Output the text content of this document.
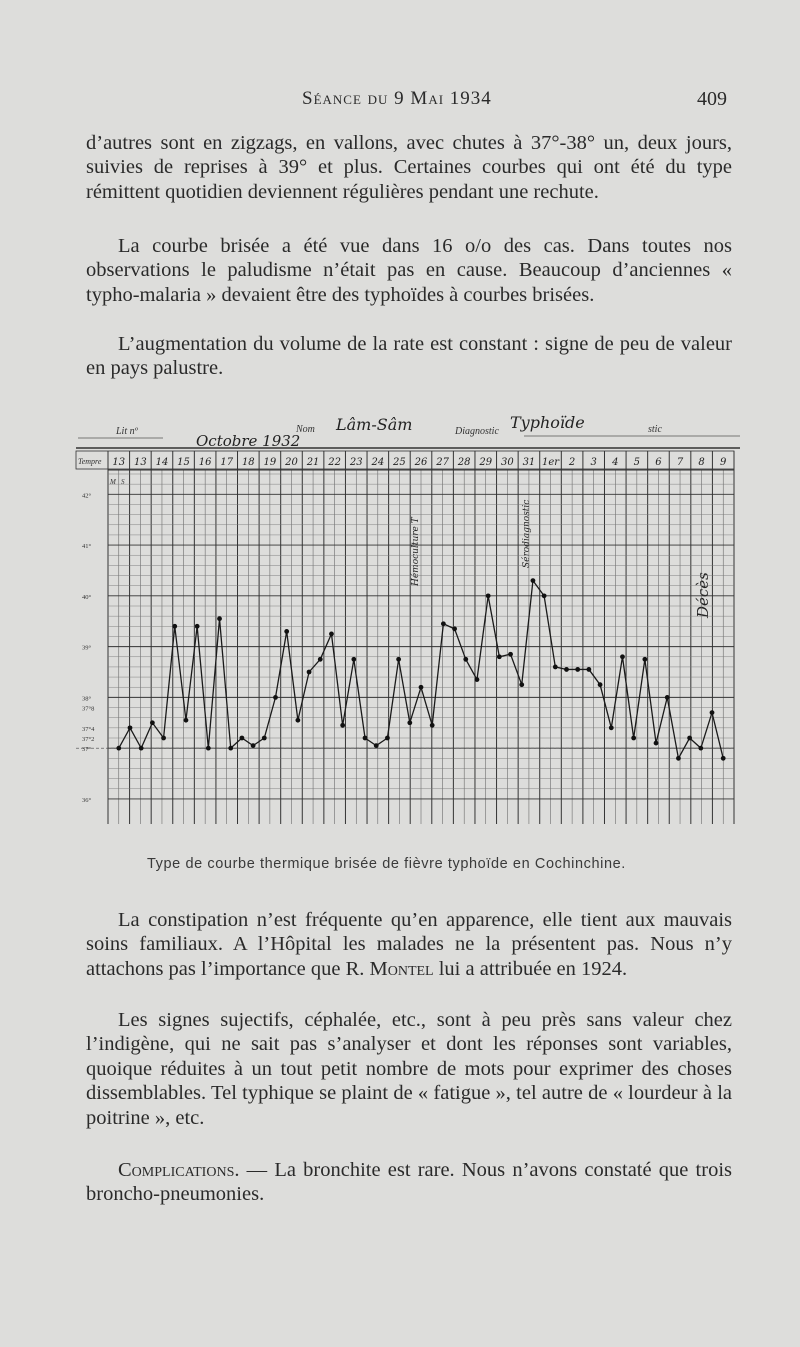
Séance du 9 Mai 1934	409

d’autres sont en zigzags, en vallons, avec chutes à 37°-38° un, deux jours, suivies de reprises à 39° et plus. Certaines courbes qui ont été du type rémittent quotidien deviennent régulières pendant une rechute.

La courbe brisée a été vue dans 16 o/o des cas. Dans toutes nos observations le paludisme n’était pas en cause. Beaucoup d’anciennes « typho-malaria » devaient être des typhoïdes à courbes brisées.

L’augmentation du volume de la rate est constant : signe de peu de valeur en pays palustre.

Lit nº
Octobre 1932
Nom Lâm-Sâm	Diagnostic Typhoïde	stic
Tempre
M S
Hémoculture T	Sérodiagnostic
Décès
13 13 14 15 16 17 18 19 20 21 22 23 24 25 26 27 28 29 30 31 1er 2 3 4 5 6 7 8 9
42°
41°
40°
39°
38°
37°8
37°4
37°2
37°
36°
Type de courbe thermique brisée de fièvre typhoïde en Cochinchine.

La constipation n’est fréquente qu’en apparence, elle tient aux mauvais soins familiaux. A l’Hôpital les malades ne la présentent pas. Nous n’y attachons pas l’importance que R. Montel lui a attribuée en 1924.

Les signes sujectifs, céphalée, etc., sont à peu près sans valeur chez l’indigène, qui ne sait pas s’analyser et dont les réponses sont variables, quoique réduites à un tout petit nombre de mots pour exprimer des choses dissemblables. Tel typhique se plaint de « fatigue », tel autre de « lourdeur à la poitrine », etc.

Complications. — La bronchite est rare. Nous n’avons constaté que trois broncho-pneumonies.
